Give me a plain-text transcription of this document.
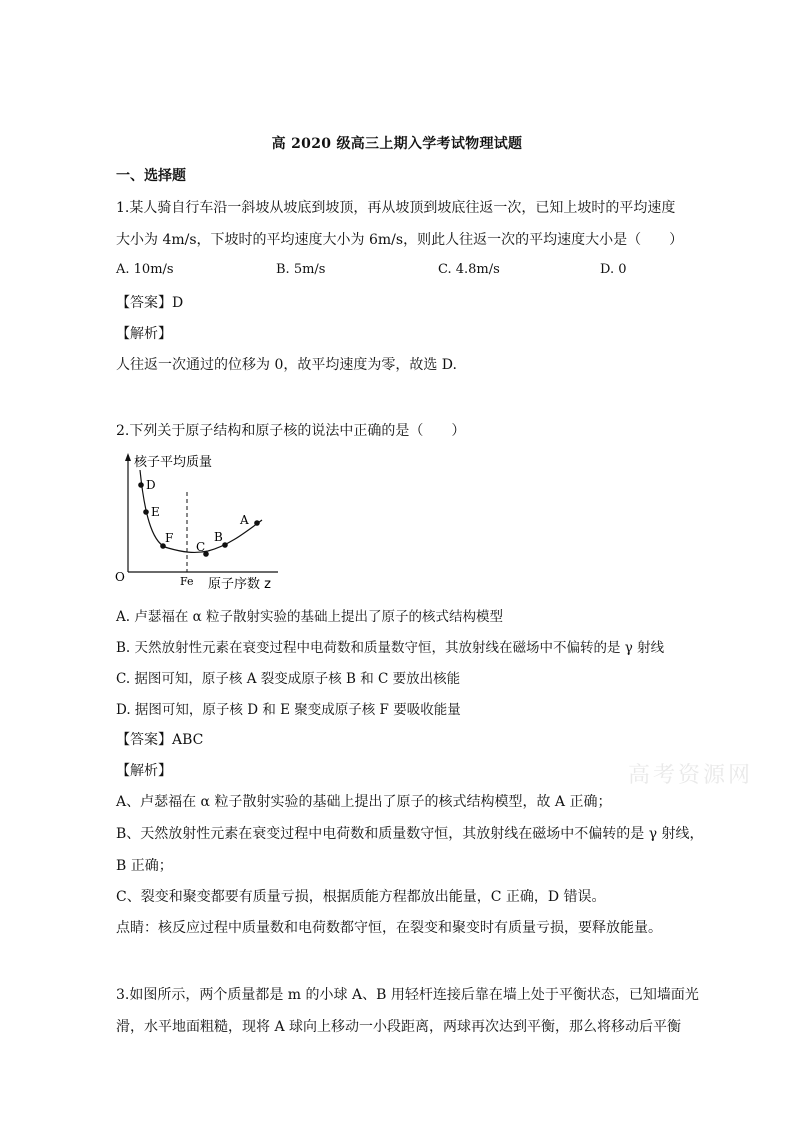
高 2020 级高三上期入学考试物理试题
一、选择题
1.某人骑自行车沿一斜坡从坡底到坡顶，再从坡顶到坡底往返一次，已知上坡时的平均速度
大小为 4m/s，下坡时的平均速度大小为 6m/s，则此人往返一次的平均速度大小是（　　）
A. 10m/s	B. 5m/s	C. 4.8m/s	D. 0
【答案】D
【解析】
人往返一次通过的位移为 0，故平均速度为零，故选 D.
2.下列关于原子结构和原子核的说法中正确的是（　　）
核子平均质量
D
E
F
C
B
A
O	Fe 原子序数 z
A. 卢瑟福在 α 粒子散射实验的基础上提出了原子的核式结构模型
B. 天然放射性元素在衰变过程中电荷数和质量数守恒，其放射线在磁场中不偏转的是 γ 射线
C. 据图可知，原子核 A 裂变成原子核 B 和 C 要放出核能
D. 据图可知，原子核 D 和 E 聚变成原子核 F 要吸收能量
【答案】ABC
【解析】
A、卢瑟福在 α 粒子散射实验的基础上提出了原子的核式结构模型，故 A 正确；
B、天然放射性元素在衰变过程中电荷数和质量数守恒，其放射线在磁场中不偏转的是 γ 射线，
B 正确；
C、裂变和聚变都要有质量亏损，根据质能方程都放出能量，C 正确，D 错误。
点睛：核反应过程中质量数和电荷数都守恒，在裂变和聚变时有质量亏损，要释放能量。
3.如图所示，两个质量都是 m 的小球 A、B 用轻杆连接后靠在墙上处于平衡状态，已知墙面光
滑，水平地面粗糙，现将 A 球向上移动一小段距离，两球再次达到平衡，那么将移动后平衡
高考资源网
